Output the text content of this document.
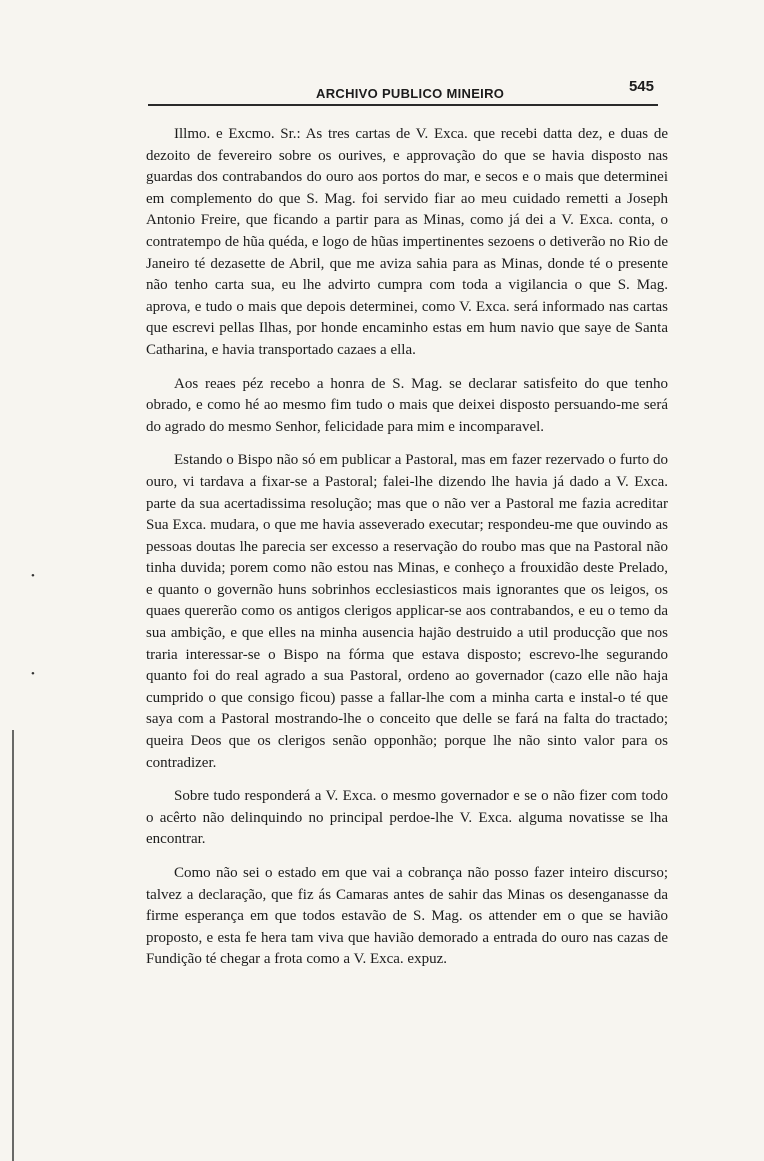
ARCHIVO PUBLICO MINEIRO	545
•
•

Illmo. e Excmo. Sr.: As tres cartas de V. Exca. que recebi datta dez, e duas de dezoito de fevereiro sobre os ourives, e approvação do que se havia disposto nas guardas dos contrabandos do ouro aos portos do mar, e secos e o mais que determinei em complemento do que S. Mag. foi servido fiar ao meu cuidado remetti a Joseph Antonio Freire, que ficando a partir para as Minas, como já dei a V. Exca. conta, o contratempo de hũa quéda, e logo de hũas impertinentes sezoens o detiverão no Rio de Janeiro té dezasette de Abril, que me aviza sahia para as Minas, donde té o presente não tenho carta sua, eu lhe advirto cumpra com toda a vigilancia o que S. Mag. aprova, e tudo o mais que depois determinei, como V. Exca. será informado nas cartas que escrevi pellas Ilhas, por honde encaminho estas em hum navio que saye de Santa Catharina, e havia transportado cazaes a ella.

Aos reaes péz recebo a honra de S. Mag. se declarar satisfeito do que tenho obrado, e como hé ao mesmo fim tudo o mais que deixei disposto persuando-me será do agrado do mesmo Senhor, felicidade para mim e incomparavel.

Estando o Bispo não só em publicar a Pastoral, mas em fazer rezervado o furto do ouro, vi tardava a fixar-se a Pastoral; falei-lhe dizendo lhe havia já dado a V. Exca. parte da sua acertadissima resolução; mas que o não ver a Pastoral me fazia acreditar Sua Exca. mudara, o que me havia asseverado executar; respondeu-me que ouvindo as pessoas doutas lhe parecia ser excesso a reservação do roubo mas que na Pastoral não tinha duvida; porem como não estou nas Minas, e conheço a frouxidão deste Prelado, e quanto o governão huns sobrinhos ecclesiasticos mais ignorantes que os leigos, os quaes quererão como os antigos clerigos applicar-se aos contrabandos, e eu o temo da sua ambição, e que elles na minha ausencia hajão destruido a util producção que nos traria interessar-se o Bispo na fórma que estava disposto; escrevo-lhe segurando quanto foi do real agrado a sua Pastoral, ordeno ao governador (cazo elle não haja cumprido o que consigo ficou) passe a fallar-lhe com a minha carta e instal-o té que saya com a Pastoral mostrando-lhe o conceito que delle se fará na falta do tractado; queira Deos que os clerigos senão opponhão; porque lhe não sinto valor para os contradizer.

Sobre tudo responderá a V. Exca. o mesmo governador e se o não fizer com todo o acêrto não delinquindo no principal perdoe-lhe V. Exca. alguma novatisse se lha encontrar.

Como não sei o estado em que vai a cobrança não posso fazer inteiro discurso; talvez a declaração, que fiz ás Camaras antes de sahir das Minas os desenganasse da firme esperança em que todos estavão de S. Mag. os attender em o que se havião proposto, e esta fe hera tam viva que havião demorado a entrada do ouro nas cazas de Fundição té chegar a frota como a V. Exca. expuz.
